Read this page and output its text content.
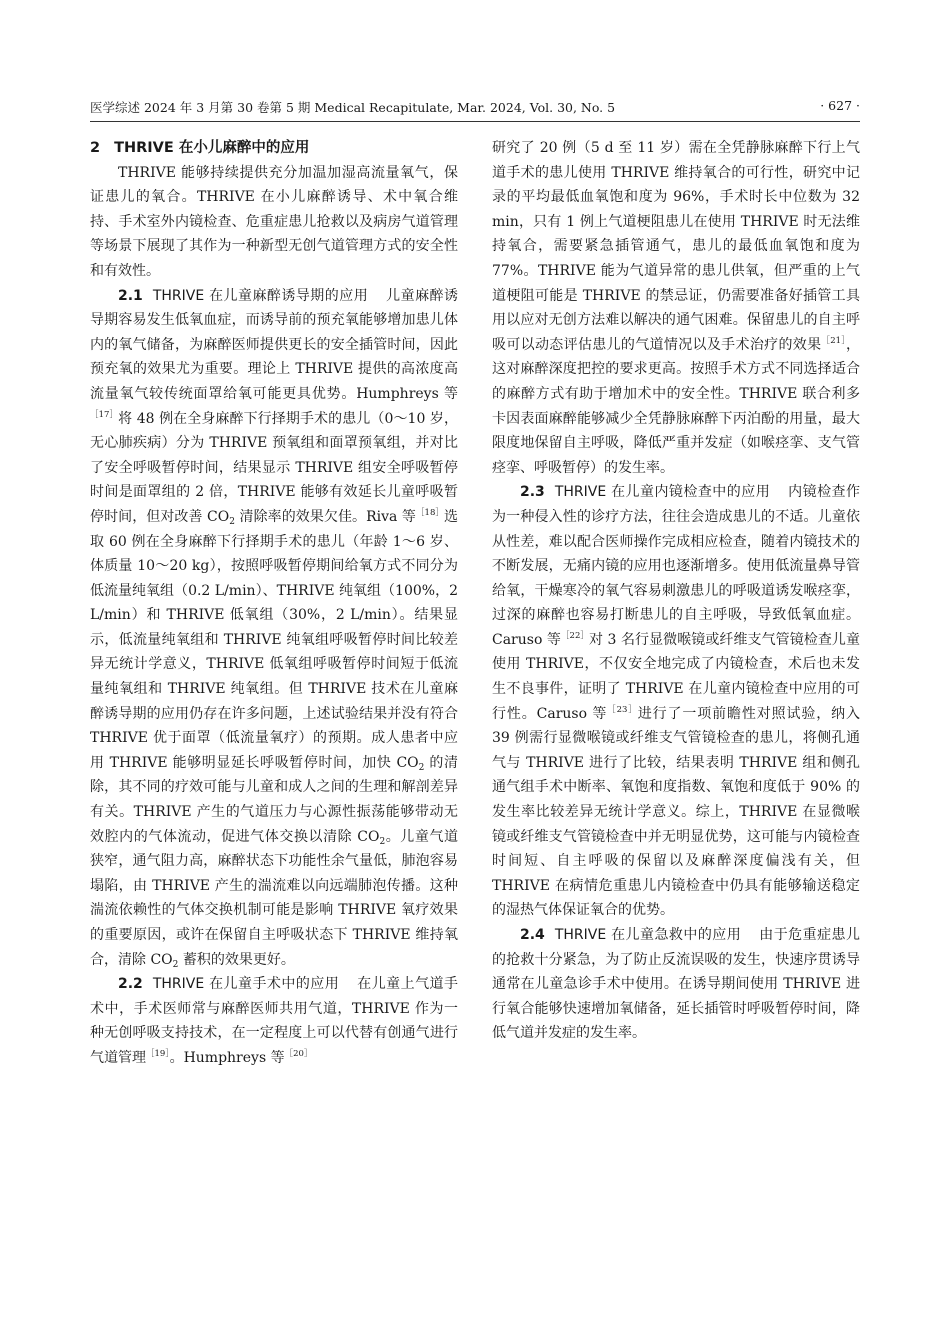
医学综述 2024 年 3 月第 30 卷第 5 期 Medical Recapitulate, Mar. 2024, Vol. 30, No. 5	· 627 ·

2 THRIVE 在小儿麻醉中的应用

THRIVE 能够持续提供充分加温加湿高流量氧气，保证患儿的氧合。THRIVE 在小儿麻醉诱导、术中氧合维持、手术室外内镜检查、危重症患儿抢救以及病房气道管理等场景下展现了其作为一种新型无创气道管理方式的安全性和有效性。

2.1 THRIVE 在儿童麻醉诱导期的应用 儿童麻醉诱导期容易发生低氧血症，而诱导前的预充氧能够增加患儿体内的氧气储备，为麻醉医师提供更长的安全插管时间，因此预充氧的效果尤为重要。理论上 THRIVE 提供的高浓度高流量氧气较传统面罩给氧可能更具优势。Humphreys 等$^{[17]}$将 48 例在全身麻醉下行择期手术的患儿（0～10 岁，无心肺疾病）分为 THRIVE 预氧组和面罩预氧组，并对比了安全呼吸暂停时间，结果显示 THRIVE 组安全呼吸暂停时间是面罩组的 2 倍，THRIVE 能够有效延长儿童呼吸暂停时间，但对改善 $CO_2$ 清除率的效果欠佳。Riva 等$^{[18]}$选取 60 例在全身麻醉下行择期手术的患儿（年龄 1～6 岁、体质量 10～20 kg），按照呼吸暂停期间给氧方式不同分为低流量纯氧组（0.2 L/min）、THRIVE 纯氧组（100%，2 L/min）和 THRIVE 低氧组（30%，2 L/min）。结果显示，低流量纯氧组和 THRIVE 纯氧组呼吸暂停时间比较差异无统计学意义，THRIVE 低氧组呼吸暂停时间短于低流量纯氧组和 THRIVE 纯氧组。但 THRIVE 技术在儿童麻醉诱导期的应用仍存在许多问题，上述试验结果并没有符合 THRIVE 优于面罩（低流量氧疗）的预期。成人患者中应用 THRIVE 能够明显延长呼吸暂停时间，加快 $CO_2$ 的清除，其不同的疗效可能与儿童和成人之间的生理和解剖差异有关。THRIVE 产生的气道压力与心源性振荡能够带动无效腔内的气体流动，促进气体交换以清除 $CO_2$。儿童气道狭窄，通气阻力高，麻醉状态下功能性余气量低，肺泡容易塌陷，由 THRIVE 产生的湍流难以向远端肺泡传播。这种湍流依赖性的气体交换机制可能是影响 THRIVE 氧疗效果的重要原因，或许在保留自主呼吸状态下 THRIVE 维持氧合，清除 $CO_2$ 蓄积的效果更好。

2.2 THRIVE 在儿童手术中的应用 在儿童上气道手术中，手术医师常与麻醉医师共用气道，THRIVE 作为一种无创呼吸支持技术，在一定程度上可以代替有创通气进行气道管理$^{[19]}$。Humphreys 等$^{[20]}$

研究了 20 例（5 d 至 11 岁）需在全凭静脉麻醉下行上气道手术的患儿使用 THRIVE 维持氧合的可行性，研究中记录的平均最低血氧饱和度为 96%，手术时长中位数为 32 min，只有 1 例上气道梗阻患儿在使用 THRIVE 时无法维持氧合，需要紧急插管通气，患儿的最低血氧饱和度为 77%。THRIVE 能为气道异常的患儿供氧，但严重的上气道梗阻可能是 THRIVE 的禁忌证，仍需要准备好插管工具用以应对无创方法难以解决的通气困难。保留患儿的自主呼吸可以动态评估患儿的气道情况以及手术治疗的效果$^{[21]}$，这对麻醉深度把控的要求更高。按照手术方式不同选择适合的麻醉方式有助于增加术中的安全性。THRIVE 联合利多卡因表面麻醉能够减少全凭静脉麻醉下丙泊酚的用量，最大限度地保留自主呼吸，降低严重并发症（如喉痉挛、支气管痉挛、呼吸暂停）的发生率。

2.3 THRIVE 在儿童内镜检查中的应用 内镜检查作为一种侵入性的诊疗方法，往往会造成患儿的不适。儿童依从性差，难以配合医师操作完成相应检查，随着内镜技术的不断发展，无痛内镜的应用也逐渐增多。使用低流量鼻导管给氧，干燥寒冷的氧气容易刺激患儿的呼吸道诱发喉痉挛，过深的麻醉也容易打断患儿的自主呼吸，导致低氧血症。Caruso 等$^{[22]}$对 3 名行显微喉镜或纤维支气管镜检查儿童使用 THRIVE，不仅安全地完成了内镜检查，术后也未发生不良事件，证明了 THRIVE 在儿童内镜检查中应用的可行性。Caruso 等$^{[23]}$进行了一项前瞻性对照试验，纳入 39 例需行显微喉镜或纤维支气管镜检查的患儿，将侧孔通气与 THRIVE 进行了比较，结果表明 THRIVE 组和侧孔通气组手术中断率、氧饱和度指数、氧饱和度低于 90% 的发生率比较差异无统计学意义。综上，THRIVE 在显微喉镜或纤维支气管镜检查中并无明显优势，这可能与内镜检查时间短、自主呼吸的保留以及麻醉深度偏浅有关，但 THRIVE 在病情危重患儿内镜检查中仍具有能够输送稳定的湿热气体保证氧合的优势。

2.4 THRIVE 在儿童急救中的应用 由于危重症患儿的抢救十分紧急，为了防止反流误吸的发生，快速序贯诱导通常在儿童急诊手术中使用。在诱导期间使用 THRIVE 进行氧合能够快速增加氧储备，延长插管时呼吸暂停时间，降低气道并发症的发生率。
